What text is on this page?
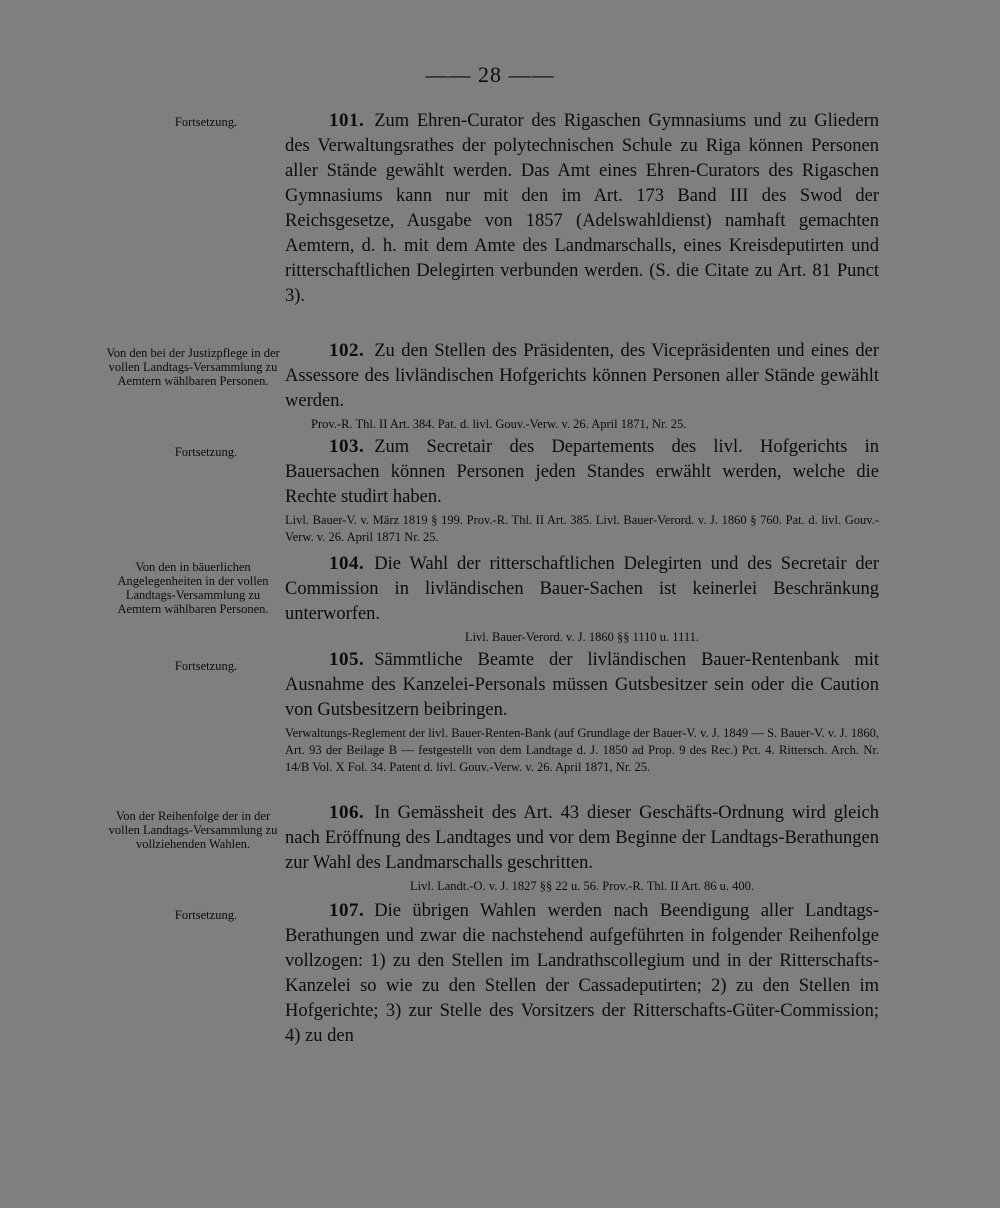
—— 28 ——
Fortsetzung.
Von den bei der Justizpflege in der vollen Landtags-Versammlung zu Aemtern wählbaren Personen.
Fortsetzung.
Von den in bäuerlichen Angelegenheiten in der vollen Landtags-Versammlung zu Aemtern wählbaren Personen.
Fortsetzung.
Von der Reihenfolge der in der vollen Landtags-Versammlung zu vollziehenden Wahlen.
Fortsetzung.
101. Zum Ehren-Curator des Rigaschen Gymnasiums und zu Gliedern des Verwaltungsrathes der polytechnischen Schule zu Riga können Personen aller Stände gewählt werden. Das Amt eines Ehren-Curators des Rigaschen Gymnasiums kann nur mit den im Art. 173 Band III des Swod der Reichsgesetze, Ausgabe von 1857 (Adelswahldienst) namhaft gemachten Aemtern, d. h. mit dem Amte des Landmarschalls, eines Kreisdeputirten und ritterschaftlichen Delegirten verbunden werden. (S. die Citate zu Art. 81 Punct 3).
102. Zu den Stellen des Präsidenten, des Vicepräsidenten und eines der Assessore des livländischen Hofgerichts können Personen aller Stände gewählt werden.
Prov.-R. Thl. II Art. 384. Pat. d. livl. Gouv.-Verw. v. 26. April 1871, Nr. 25.
103. Zum Secretair des Departements des livl. Hofgerichts in Bauersachen können Personen jeden Standes erwählt werden, welche die Rechte studirt haben.
Livl. Bauer-V. v. März 1819 § 199. Prov.-R. Thl. II Art. 385. Livl. Bauer-Verord. v. J. 1860 § 760. Pat. d. livl. Gouv.-Verw. v. 26. April 1871 Nr. 25.
104. Die Wahl der ritterschaftlichen Delegirten und des Secretair der Commission in livländischen Bauer-Sachen ist keinerlei Beschränkung unterworfen.
Livl. Bauer-Verord. v. J. 1860 §§ 1110 u. 1111.
105. Sämmtliche Beamte der livländischen Bauer-Rentenbank mit Ausnahme des Kanzelei-Personals müssen Gutsbesitzer sein oder die Caution von Gutsbesitzern beibringen.
Verwaltungs-Reglement der livl. Bauer-Renten-Bank (auf Grundlage der Bauer-V. v. J. 1849 — S. Bauer-V. v. J. 1860, Art. 93 der Beilage B — festgestellt von dem Landtage d. J. 1850 ad Prop. 9 des Rec.) Pct. 4. Rittersch. Arch. Nr. 14/B Vol. X Fol. 34. Patent d. livl. Gouv.-Verw. v. 26. April 1871, Nr. 25.
106. In Gemässheit des Art. 43 dieser Geschäfts-Ordnung wird gleich nach Eröffnung des Landtages und vor dem Beginne der Landtags-Berathungen zur Wahl des Landmarschalls geschritten.
Livl. Landt.-O. v. J. 1827 §§ 22 u. 56. Prov.-R. Thl. II Art. 86 u. 400.
107. Die übrigen Wahlen werden nach Beendigung aller Landtags-Berathungen und zwar die nachstehend aufgeführten in folgender Reihenfolge vollzogen: 1) zu den Stellen im Landrathscollegium und in der Ritterschafts-Kanzelei so wie zu den Stellen der Cassadeputirten; 2) zu den Stellen im Hofgerichte; 3) zur Stelle des Vorsitzers der Ritterschafts-Güter-Commission; 4) zu den
